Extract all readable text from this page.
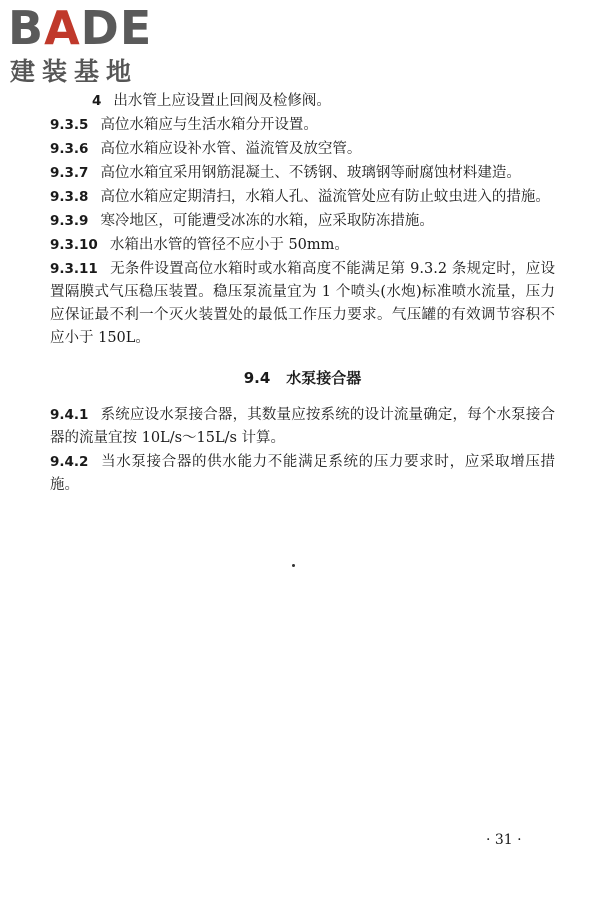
BADE
建装基地

4 出水管上应设置止回阀及检修阀。

9.3.5 高位水箱应与生活水箱分开设置。

9.3.6 高位水箱应设补水管、溢流管及放空管。

9.3.7 高位水箱宜采用钢筋混凝土、不锈钢、玻璃钢等耐腐蚀材料建造。

9.3.8 高位水箱应定期清扫，水箱人孔、溢流管处应有防止蚊虫进入的措施。

9.3.9 寒冷地区，可能遭受冰冻的水箱，应采取防冻措施。

9.3.10 水箱出水管的管径不应小于 50mm。

9.3.11 无条件设置高位水箱时或水箱高度不能满足第 9.3.2 条规定时，应设置隔膜式气压稳压装置。稳压泵流量宜为 1 个喷头(水炮)标准喷水流量，压力应保证最不利一个灭火装置处的最低工作压力要求。气压罐的有效调节容积不应小于 150L。

9.4 水泵接合器

9.4.1 系统应设水泵接合器，其数量应按系统的设计流量确定，每个水泵接合器的流量宜按 10L/s～15L/s 计算。

9.4.2 当水泵接合器的供水能力不能满足系统的压力要求时，应采取增压措施。

· 31 ·
